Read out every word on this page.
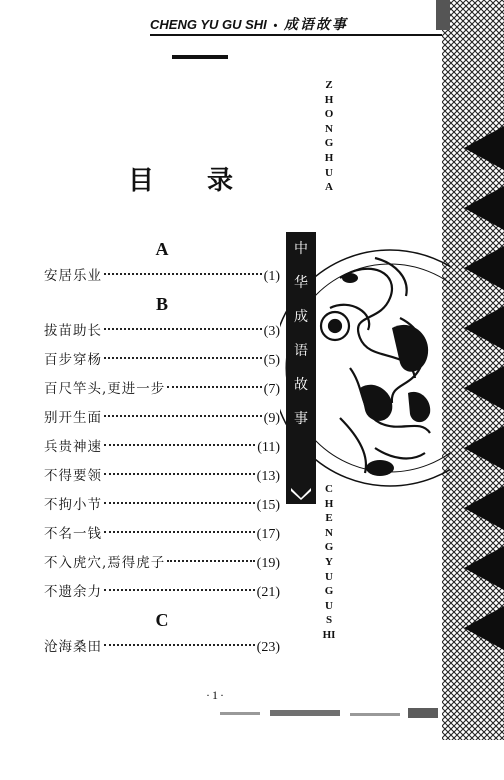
CHENG YU GU SHI • 成语故事
ZHONGHUA
CHENGYUGUSHI
中
华
成
语
故
事
目 录
A
安居乐业	(1)
B
拔苗助长	(3)
百步穿杨	(5)
百尺竿头,更进一步	(7)
别开生面	(9)
兵贵神速	(11)
不得要领	(13)
不拘小节	(15)
不名一钱	(17)
不入虎穴,焉得虎子	(19)
不遗余力	(21)
C
沧海桑田	(23)
·1·
